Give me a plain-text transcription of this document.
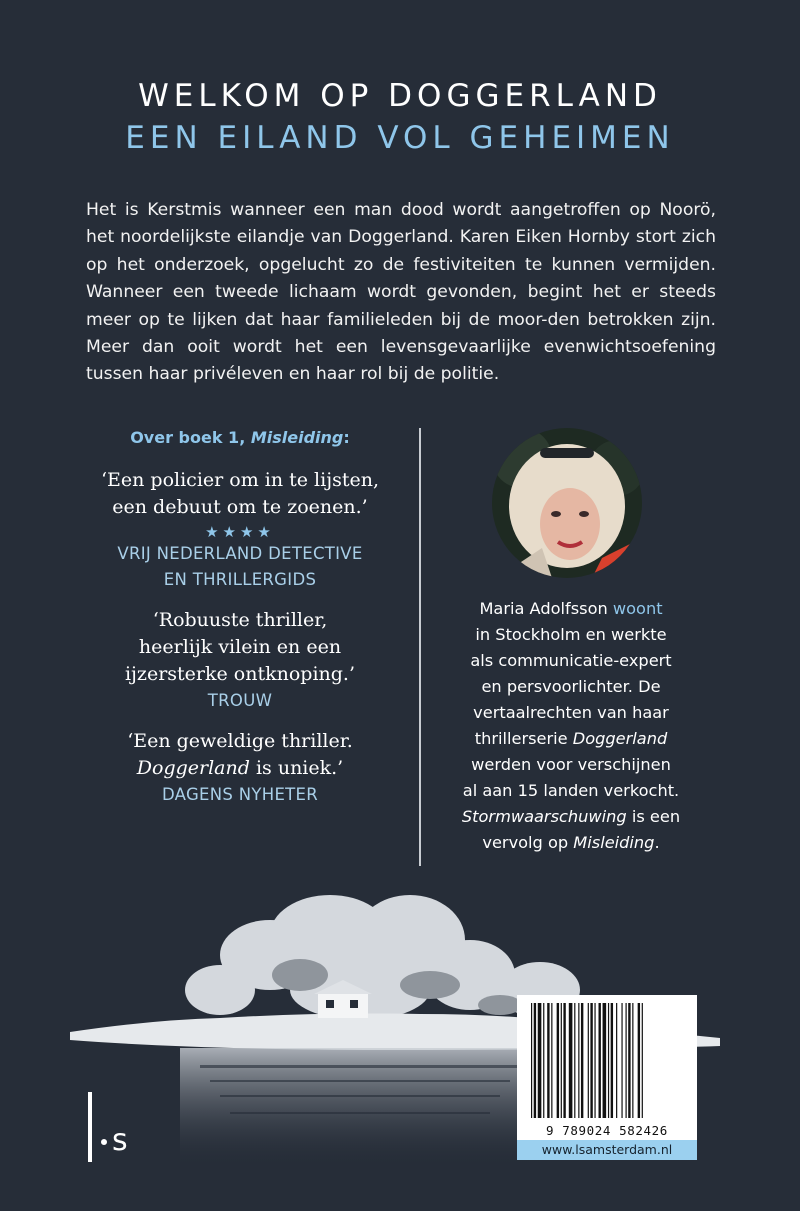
WELKOM OP DOGGERLAND
EEN EILAND VOL GEHEIMEN

Het is Kerstmis wanneer een man dood wordt aangetroffen op Noorö, het noordelijkste eilandje van Doggerland. Karen Eiken Hornby stort zich op het onderzoek, opgelucht zo de festiviteiten te kunnen vermijden. Wanneer een tweede lichaam wordt gevonden, begint het er steeds meer op te lijken dat haar familieleden bij de moor-den betrokken zijn. Meer dan ooit wordt het een levensgevaarlijke evenwichtsoefening tussen haar privéleven en haar rol bij de politie.

Over boek 1, Misleiding:
‘Een policier om in te lijsten,
een debuut om te zoenen.’
★★★★
VRIJ NEDERLAND DETECTIVE
EN THRILLERGIDS
‘Robuuste thriller,
heerlijk vilein en een
ijzersterke ontknoping.’
TROUW
‘Een geweldige thriller.
Doggerland is uniek.’
DAGENS NYHETER
Maria Adolfsson woont
in Stockholm en werkte
als communicatie-expert
en persvoorlichter. De
vertaalrechten van haar
thrillerserie Doggerland
werden voor verschijnen
al aan 15 landen verkocht.
Stormwaarschuwing is een
vervolg op Misleiding.
s	9 789024 582426
www.lsamsterdam.nl
